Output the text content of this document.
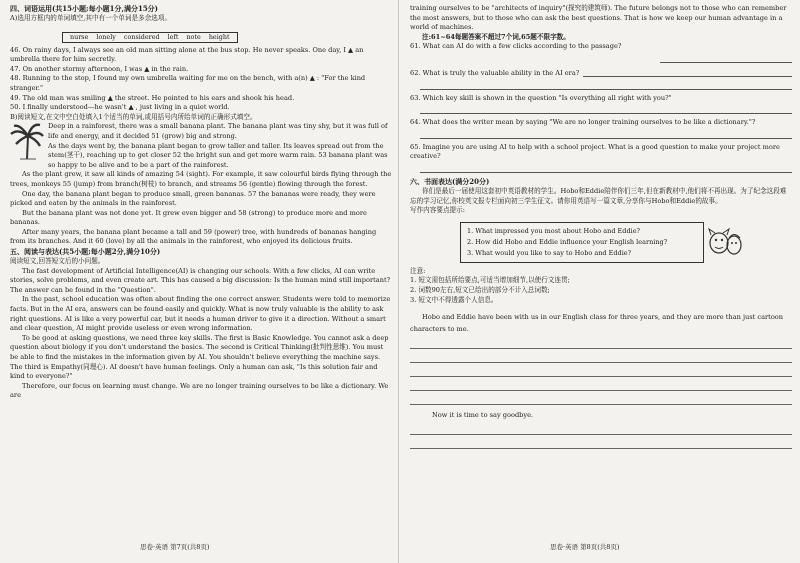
四、词语运用(共15小题;每小题1分,满分15分)
A)选用方框内的单词填空,其中有一个单词是多余选项。
nurse lonely considered left note height
46. On rainy days, I always see an old man sitting alone at the bus stop. He never speaks. One day, I ▲ an umbrella there for him secretly.
47. On another stormy afternoon, I was ▲ in the rain.
48. Running to the stop, I found my own umbrella waiting for me on the bench, with a(n) ▲ : "For the kind stranger."
49. The old man was smiling ▲ the street. He pointed to his ears and shook his head.
50. I finally understood—he wasn't ▲ , just living in a quiet world.
B)阅读短文,在文中空白处填入1个适当的单词,或用括号内所给单词的正确形式填空。
Deep in a rainforest, there was a small banana plant. The banana plant was tiny shy, but it was full of life and energy, and it decided 51 (grow) big and strong.
As the days went by, the banana plant began to grow taller and taller. Its leaves spread out from the stem(茎干), reaching up to get closer 52 the bright sun and get more warm rain. 53 banana plant was so happy to be alive and to be a part of the rainforest.
As the plant grew, it saw all kinds of amazing 54 (sight). For example, it saw colourful birds flying through the trees, monkeys 55 (jump) from branch(树枝) to branch, and streams 56 (gentle) flowing through the forest.
One day, the banana plant began to produce small, green bananas. 57 the bananas were ready, they were picked and eaten by the animals in the rainforest.
But the banana plant was not done yet. It grew even bigger and 58 (strong) to produce more and more bananas.
After many years, the banana plant became a tall and 59 (power) tree, with hundreds of bananas hanging from its branches. And it 60 (love) by all the animals in the rainforest, who enjoyed its delicious fruits.
五、阅读与表达(共5小题;每小题2分,满分10分)
阅读短文,回答短文后的小问题。
The fast development of Artificial Intelligence(AI) is changing our schools. With a few clicks, AI can write stories, solve problems, and even create art. This has caused a big discussion: Is the human mind still important? The answer can be found in the "Question".
In the past, school education was often about finding the one correct answer. Students were told to memorize facts. But in the AI era, answers can be found easily and quickly. What is now truly valuable is the ability to ask right questions. AI is like a very powerful car, but it needs a human driver to give it a direction. Without a smart and clear question, AI might provide useless or even wrong information.
To be good at asking questions, we need three key skills. The first is Basic Knowledge. You cannot ask a deep question about biology if you don't understand the basics. The second is Critical Thinking(批判性思维). You must be able to find the mistakes in the information given by AI. You shouldn't believe everything the machine says. The third is Empathy(同理心). AI doesn't have human feelings. Only a human can ask, "Is this solution fair and kind to everyone?"
Therefore, our focus on learning must change. We are no longer training ourselves to be like a dictionary. We are
思卷·英语 第7页(共8页)
training ourselves to be "architects of inquiry"(探究的建筑师). The future belongs not to those who can remember the most answers, but to those who can ask the best questions. That is how we keep our human advantage in a world of machines.
注:61~64每题答案不超过7个词,65题不限字数。
61. What can AI do with a few clicks according to the passage?
62. What is truly the valuable ability in the AI era?
63. Which key skill is shown in the question "Is everything all right with you?"
64. What does the writer mean by saying "We are no longer training ourselves to be like a dictionary."?
65. Imagine you are using AI to help with a school project. What is a good question to make your project more creative?
六、书面表达(满分20分)
你们是最后一届使用这套初中英语教材的学生。Hobo和Eddie陪伴你们三年,但在新教材中,他们将不再出现。为了纪念这段难忘的学习记忆,你校英文报专栏面向初三学生征文。请你用英语写一篇文章,分享你与Hobo和Eddie的故事。
写作内容要点提示:
1. What impressed you most about Hobo and Eddie?
2. How did Hobo and Eddie influence your English learning?
3. What would you like to say to Hobo and Eddie?
注意:
1. 短文需包括所给要点,可适当增加细节,以使行文连贯;
2. 词数90左右,短文已给出的部分不计入总词数;
3. 短文中不得透露个人信息。
Hobo and Eddie have been with us in our English class for three years, and they are more than just cartoon characters to me.
Now it is time to say goodbye.
思卷·英语 第8页(共8页)
